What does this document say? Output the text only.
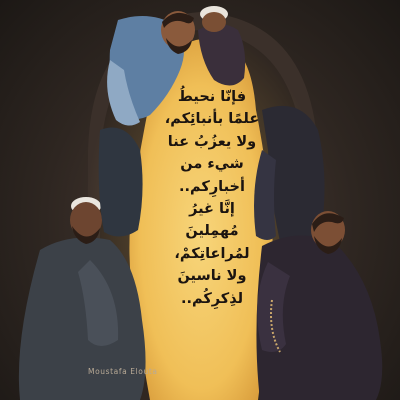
فإنّا نحيطُ
علمًا بأنبائِكم،
ولا يعزُبُ عنا
شيء من
أخبارِكم..
إنَّا غيرُ
مُهمِلينَ
لمُراعاتِكمْ،
ولا ناسينَ
لذِكرِكُم..
Moustafa Elouta
